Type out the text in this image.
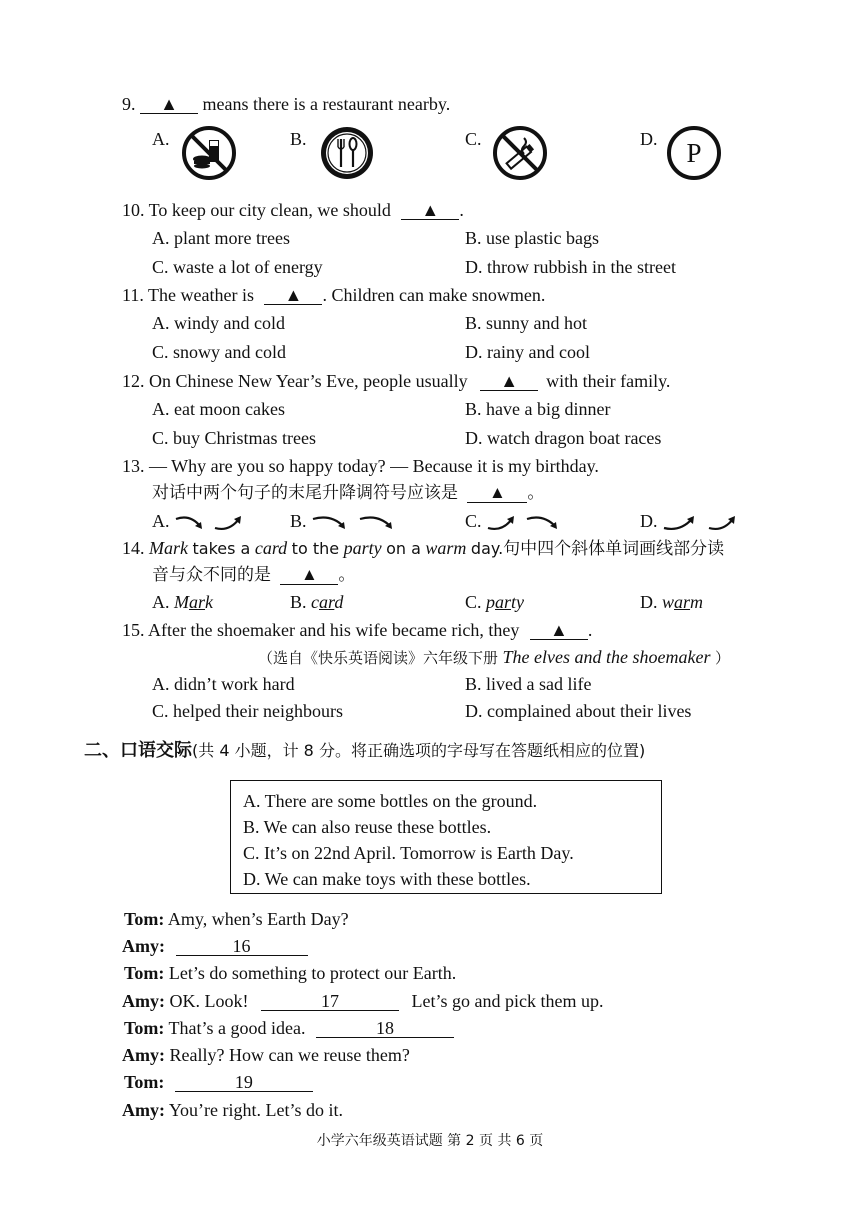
9. ▲ means there is a restaurant nearby.
A.	B.	C.	D. P
10. To keep our city clean, we should ▲ .
A. plant more trees	B. use plastic bags
C. waste a lot of energy	D. throw rubbish in the street
11. The weather is ▲ . Children can make snowmen.
A. windy and cold	B. sunny and hot
C. snowy and cold	D. rainy and cool
12. On Chinese New Year’s Eve, people usually ▲ with their family.
A. eat moon cakes	B. have a big dinner
C. buy Christmas trees	D. watch dragon boat races
13. — Why are you so happy today? — Because it is my birthday.
对话中两个句子的末尾升降调符号应该是 ▲ 。
A.	B.	C.	D.
14. Mark takes a card to the party on a warm day.句中四个斜体单词画线部分读
音与众不同的是 ▲ 。
A. Mark	B. card	C. party	D. warm
15. After the shoemaker and his wife became rich, they ▲ .
（选自《快乐英语阅读》六年级下册 The elves and the shoemaker ）
A. didn’t work hard	B. lived a sad life
C. helped their neighbours	D. complained about their lives
二、口语交际(共 4 小题，计 8 分。将正确选项的字母写在答题纸相应的位置)
A. There are some bottles on the ground.
B. We can also reuse these bottles.
C. It’s on 22nd April. Tomorrow is Earth Day.
D. We can make toys with these bottles.
Tom: Amy, when’s Earth Day?
Amy:	16
Tom: Let’s do something to protect our Earth.
Amy: OK. Look!	17	Let’s go and pick them up.
Tom: That’s a good idea.	18
Amy: Really? How can we reuse them?
Tom:	19
Amy: You’re right. Let’s do it.
小学六年级英语试题 第 2 页 共 6 页
